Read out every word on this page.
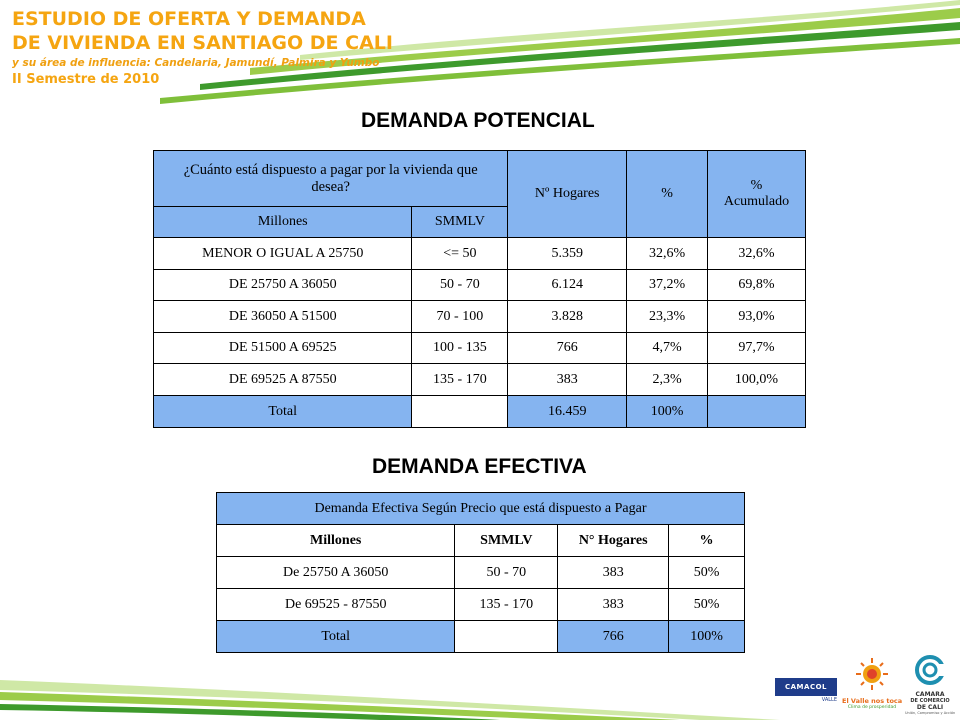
ESTUDIO DE OFERTA Y DEMANDA
DE VIVIENDA EN SANTIAGO DE CALI

y su área de influencia: Candelaria, Jamundí, Palmira y Yumbo

II Semestre de 2010

DEMANDA POTENCIAL
¿Cuánto está dispuesto a pagar por la vivienda que desea?		Nº Hogares	%	% Acumulado
Millones	SMMLV			
MENOR O IGUAL A 25750	<= 50	5.359	32,6%	32,6%
DE 25750 A 36050	50 - 70	6.124	37,2%	69,8%
DE 36050 A 51500	70 - 100	3.828	23,3%	93,0%
DE 51500 A 69525	100 - 135	766	4,7%	97,7%
DE 69525 A 87550	135 - 170	383	2,3%	100,0%
Total		16.459	100%	
DEMANDA EFECTIVA
Demanda Efectiva Según Precio que está dispuesto a Pagar			
Millones	SMMLV	N° Hogares	%
De 25750 A 36050	50 - 70	383	50%
De 69525 - 87550	135 - 170	383	50%
Total		766	100%
CAMACOL
VALLE El Valle nos toca
Clima de prosperidad
CAMARA
DE COMERCIO
DE CALI
Unión, Compromiso y Acción
